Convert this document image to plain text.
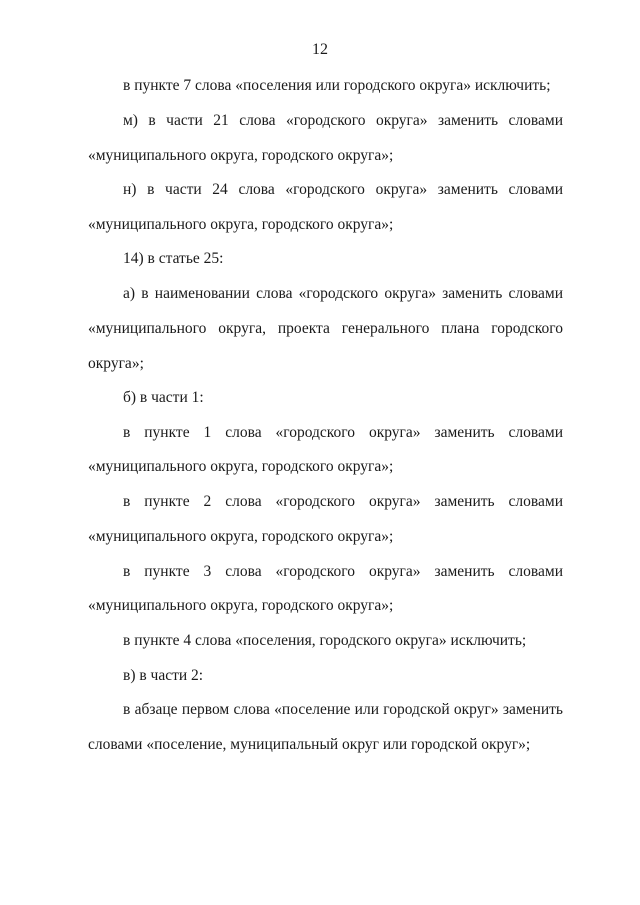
12
в пункте 7 слова «поселения или городского округа» исключить;
м) в части 21 слова «городского округа» заменить словами
«муниципального округа, городского округа»;
н) в части 24 слова «городского округа» заменить словами
«муниципального округа, городского округа»;
14) в статье 25:
а) в наименовании слова «городского округа» заменить словами
«муниципального округа, проекта генерального плана городского
округа»;
б) в части 1:
в пункте 1 слова «городского округа» заменить словами
«муниципального округа, городского округа»;
в пункте 2 слова «городского округа» заменить словами
«муниципального округа, городского округа»;
в пункте 3 слова «городского округа» заменить словами
«муниципального округа, городского округа»;
в пункте 4 слова «поселения, городского округа» исключить;
в) в части 2:
в абзаце первом слова «поселение или городской округ» заменить
словами «поселение, муниципальный округ или городской округ»;
